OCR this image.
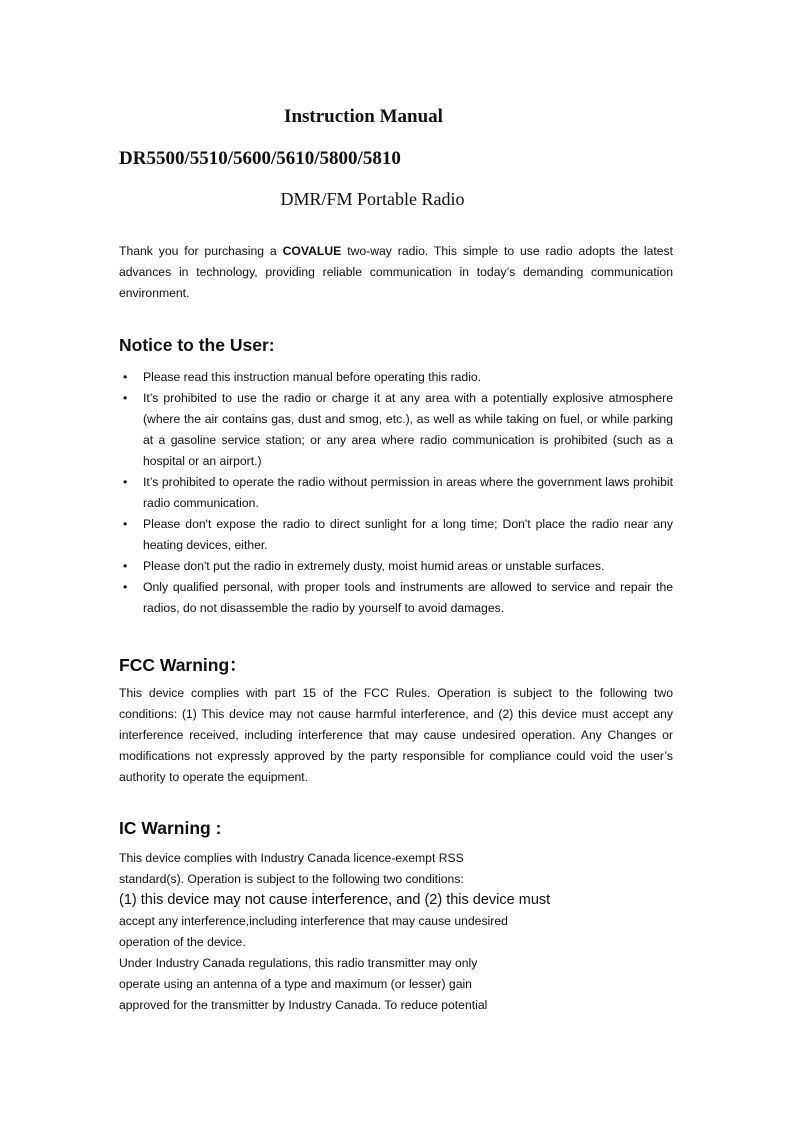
Instruction Manual
DR5500/5510/5600/5610/5800/5810
DMR/FM Portable Radio
Thank you for purchasing a COVALUE two-way radio. This simple to use radio adopts the latest advances in technology, providing reliable communication in today’s demanding communication environment.
Notice to the User:
• Please read this instruction manual before operating this radio.
• It’s prohibited to use the radio or charge it at any area with a potentially explosive atmosphere (where the air contains gas, dust and smog, etc.), as well as while taking on fuel, or while parking at a gasoline service station; or any area where radio communication is prohibited (such as a hospital or an airport.)
• It’s prohibited to operate the radio without permission in areas where the government laws prohibit radio communication.
• Please don't expose the radio to direct sunlight for a long time; Don't place the radio near any heating devices, either.
• Please don't put the radio in extremely dusty, moist humid areas or unstable surfaces.
• Only qualified personal, with proper tools and instruments are allowed to service and repair the radios, do not disassemble the radio by yourself to avoid damages.
FCC Warning：
This device complies with part 15 of the FCC Rules. Operation is subject to the following two conditions: (1) This device may not cause harmful interference, and (2) this device must accept any interference received, including interference that may cause undesired operation. Any Changes or modifications not expressly approved by the party responsible for compliance could void the user’s authority to operate the equipment.
IC Warning :
This device complies with Industry Canada licence-exempt RSS
standard(s). Operation is subject to the following two conditions:
(1) this device may not cause interference, and (2) this device must
accept any interference,including interference that may cause undesired
operation of the device.
Under Industry Canada regulations, this radio transmitter may only
operate using an antenna of a type and maximum (or lesser) gain
approved for the transmitter by Industry Canada. To reduce potential
